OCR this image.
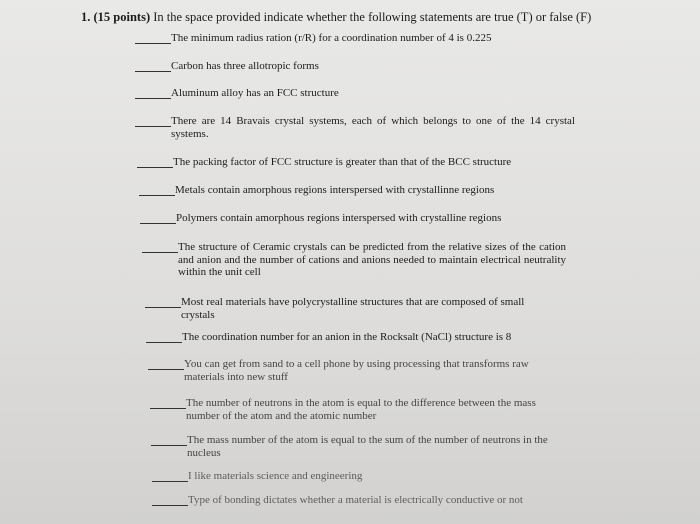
1. (15 points) In the space provided indicate whether the following statements are true (T) or false (F)
The minimum radius ration (r/R) for a coordination number of 4 is 0.225
Carbon has three allotropic forms
Aluminum alloy has an FCC structure
There are 14 Bravais crystal systems, each of which belongs to one of the 14 crystal systems.
The packing factor of FCC structure is greater than that of the BCC structure
Metals contain amorphous regions interspersed with crystallinne regions
Polymers contain amorphous regions interspersed with crystalline regions
The structure of Ceramic crystals can be predicted from the relative sizes of the cation and anion and the number of cations and anions needed to maintain electrical neutrality within the unit cell
Most real materials have polycrystalline structures that are composed of small crystals
The coordination number for an anion in the Rocksalt (NaCl) structure is 8
You can get from sand to a cell phone by using processing that transforms raw materials into new stuff
The number of neutrons in the atom is equal to the difference between the mass number of the atom and the atomic number
The mass number of the atom is equal to the sum of the number of neutrons in the nucleus
I like materials science and engineering
Type of bonding dictates whether a material is electrically conductive or not
